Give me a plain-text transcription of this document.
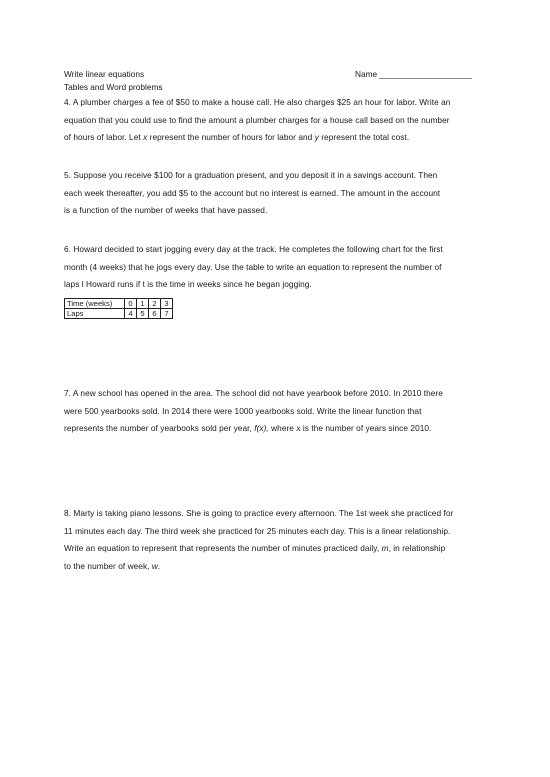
Write linear equations	Name ____________________
Tables and Word problems

4. A plumber charges a fee of $50 to make a house call. He also charges $25 an hour for labor. Write an

equation that you could use to find the amount a plumber charges for a house call based on the number

of hours of labor. Let x represent the number of hours for labor and y represent the total cost.

5. Suppose you receive $100 for a graduation present, and you deposit it in a savings account. Then

each week thereafter, you add $5 to the account but no interest is earned. The amount in the account

is a function of the number of weeks that have passed.

6. Howard decided to start jogging every day at the track. He completes the following chart for the first

month (4 weeks) that he jogs every day. Use the table to write an equation to represent the number of

laps l Howard runs if t is the time in weeks since he began jogging.

Time (weeks)	0	1	2	3
Laps	4	5	6	7

7. A new school has opened in the area. The school did not have yearbook before 2010. In 2010 there

were 500 yearbooks sold. In 2014 there were 1000 yearbooks sold. Write the linear function that

represents the number of yearbooks sold per year, f(x), where x is the number of years since 2010.

8. Marty is taking piano lessons. She is going to practice every afternoon. The 1st week she practiced for

11 minutes each day. The third week she practiced for 25 minutes each day. This is a linear relationship.

Write an equation to represent that represents the number of minutes practiced daily, m, in relationship

to the number of week, w.
